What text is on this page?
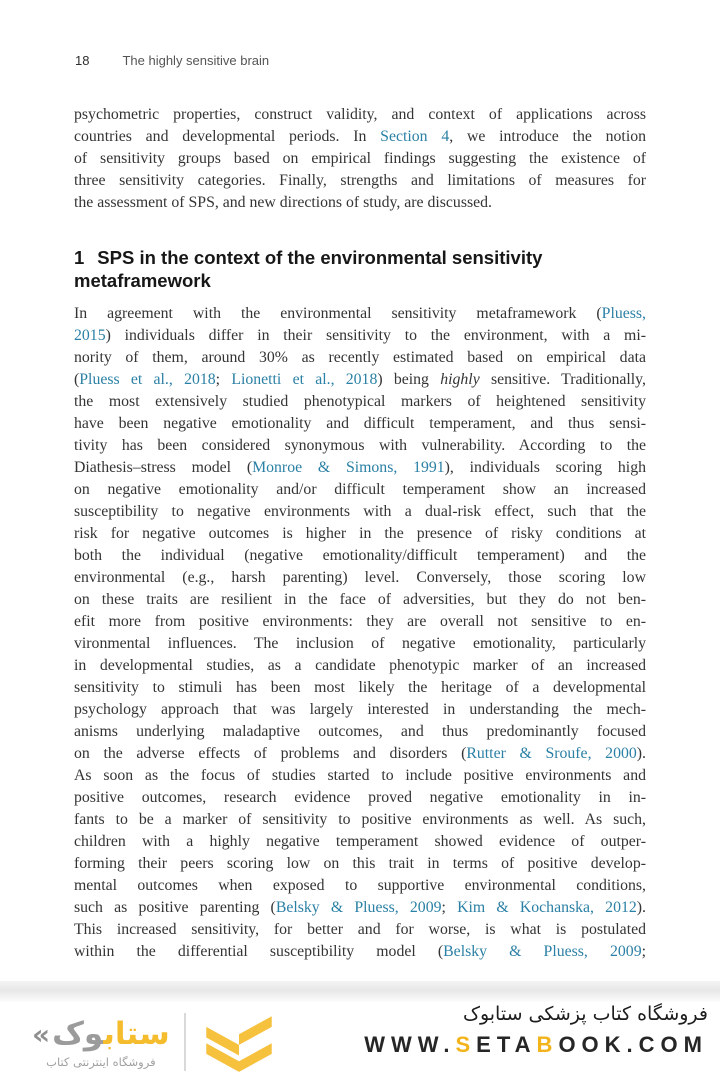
18	The highly sensitive brain
psychometric properties, construct validity, and context of applications across
countries and developmental periods. In Section 4, we introduce the notion
of sensitivity groups based on empirical findings suggesting the existence of
three sensitivity categories. Finally, strengths and limitations of measures for
the assessment of SPS, and new directions of study, are discussed.
1 SPS in the context of the environmental sensitivity
metaframework
In agreement with the environmental sensitivity metaframework (Pluess,
2015) individuals differ in their sensitivity to the environment, with a mi-
nority of them, around 30% as recently estimated based on empirical data
(Pluess et al., 2018; Lionetti et al., 2018) being highly sensitive. Traditionally,
the most extensively studied phenotypical markers of heightened sensitivity
have been negative emotionality and difficult temperament, and thus sensi-
tivity has been considered synonymous with vulnerability. According to the
Diathesis–stress model (Monroe & Simons, 1991), individuals scoring high
on negative emotionality and/or difficult temperament show an increased
susceptibility to negative environments with a dual-risk effect, such that the
risk for negative outcomes is higher in the presence of risky conditions at
both the individual (negative emotionality/difficult temperament) and the
environmental (e.g., harsh parenting) level. Conversely, those scoring low
on these traits are resilient in the face of adversities, but they do not ben-
efit more from positive environments: they are overall not sensitive to en-
vironmental influences. The inclusion of negative emotionality, particularly
in developmental studies, as a candidate phenotypic marker of an increased
sensitivity to stimuli has been most likely the heritage of a developmental
psychology approach that was largely interested in understanding the mech-
anisms underlying maladaptive outcomes, and thus predominantly focused
on the adverse effects of problems and disorders (Rutter & Sroufe, 2000).
As soon as the focus of studies started to include positive environments and
positive outcomes, research evidence proved negative emotionality in in-
fants to be a marker of sensitivity to positive environments as well. As such,
children with a highly negative temperament showed evidence of outper-
forming their peers scoring low on this trait in terms of positive develop-
mental outcomes when exposed to supportive environmental conditions,
such as positive parenting (Belsky & Pluess, 2009; Kim & Kochanska, 2012).
This increased sensitivity, for better and for worse, is what is postulated
within the differential susceptibility model (Belsky & Pluess, 2009;
« ستابوک
فروشگاه اینترنتی کتاب
فروشگاه کتاب پزشکی ستابوک
WWW.SETABOOK.COM
